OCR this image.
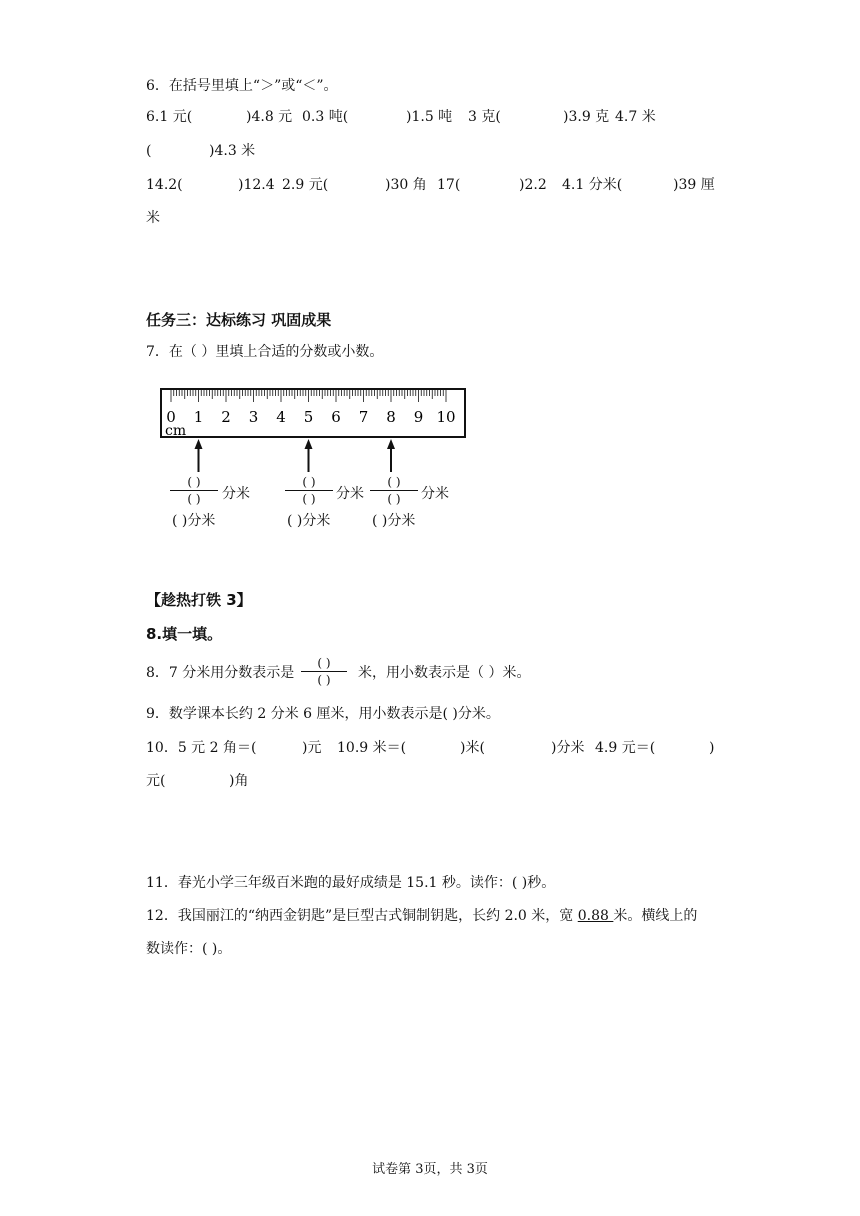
6．在括号里填上“＞”或“＜”。
6.1 元(	)4.8 元 0.3 吨(	)1.5 吨 3 克(	)3.9 克 4.7 米
(	)4.3 米
14.2(	)12.4 2.9 元(	)30 角 17(	)2.2 4.1 分米(	)39 厘
米
任务三：达标练习 巩固成果
7．在（ ）里填上合适的分数或小数。
0 1 2 3 4 5 6 7 8 9 10
cm
( )
( )	分米
( )分米
( )
( )	分米
( )分米
( )
( )	分米
( )分米
【趁热打铁 3】
8.填一填。
8．7 分米用分数表示是
( )
( )	米，用小数表示是（ ）米。
9．数学课本长约 2 分米 6 厘米，用小数表示是( )分米。
10．5 元 2 角＝(	)元 10.9 米＝(	)米(	)分米 4.9 元＝(	)
元(	)角
11．春光小学三年级百米跑的最好成绩是 15.1 秒。读作：( )秒。
12．我国丽江的“纳西金钥匙”是巨型古式铜制钥匙，长约 2.0 米，宽 0.88 米。横线上的
数读作：( )。
试卷第 3页，共 3页
